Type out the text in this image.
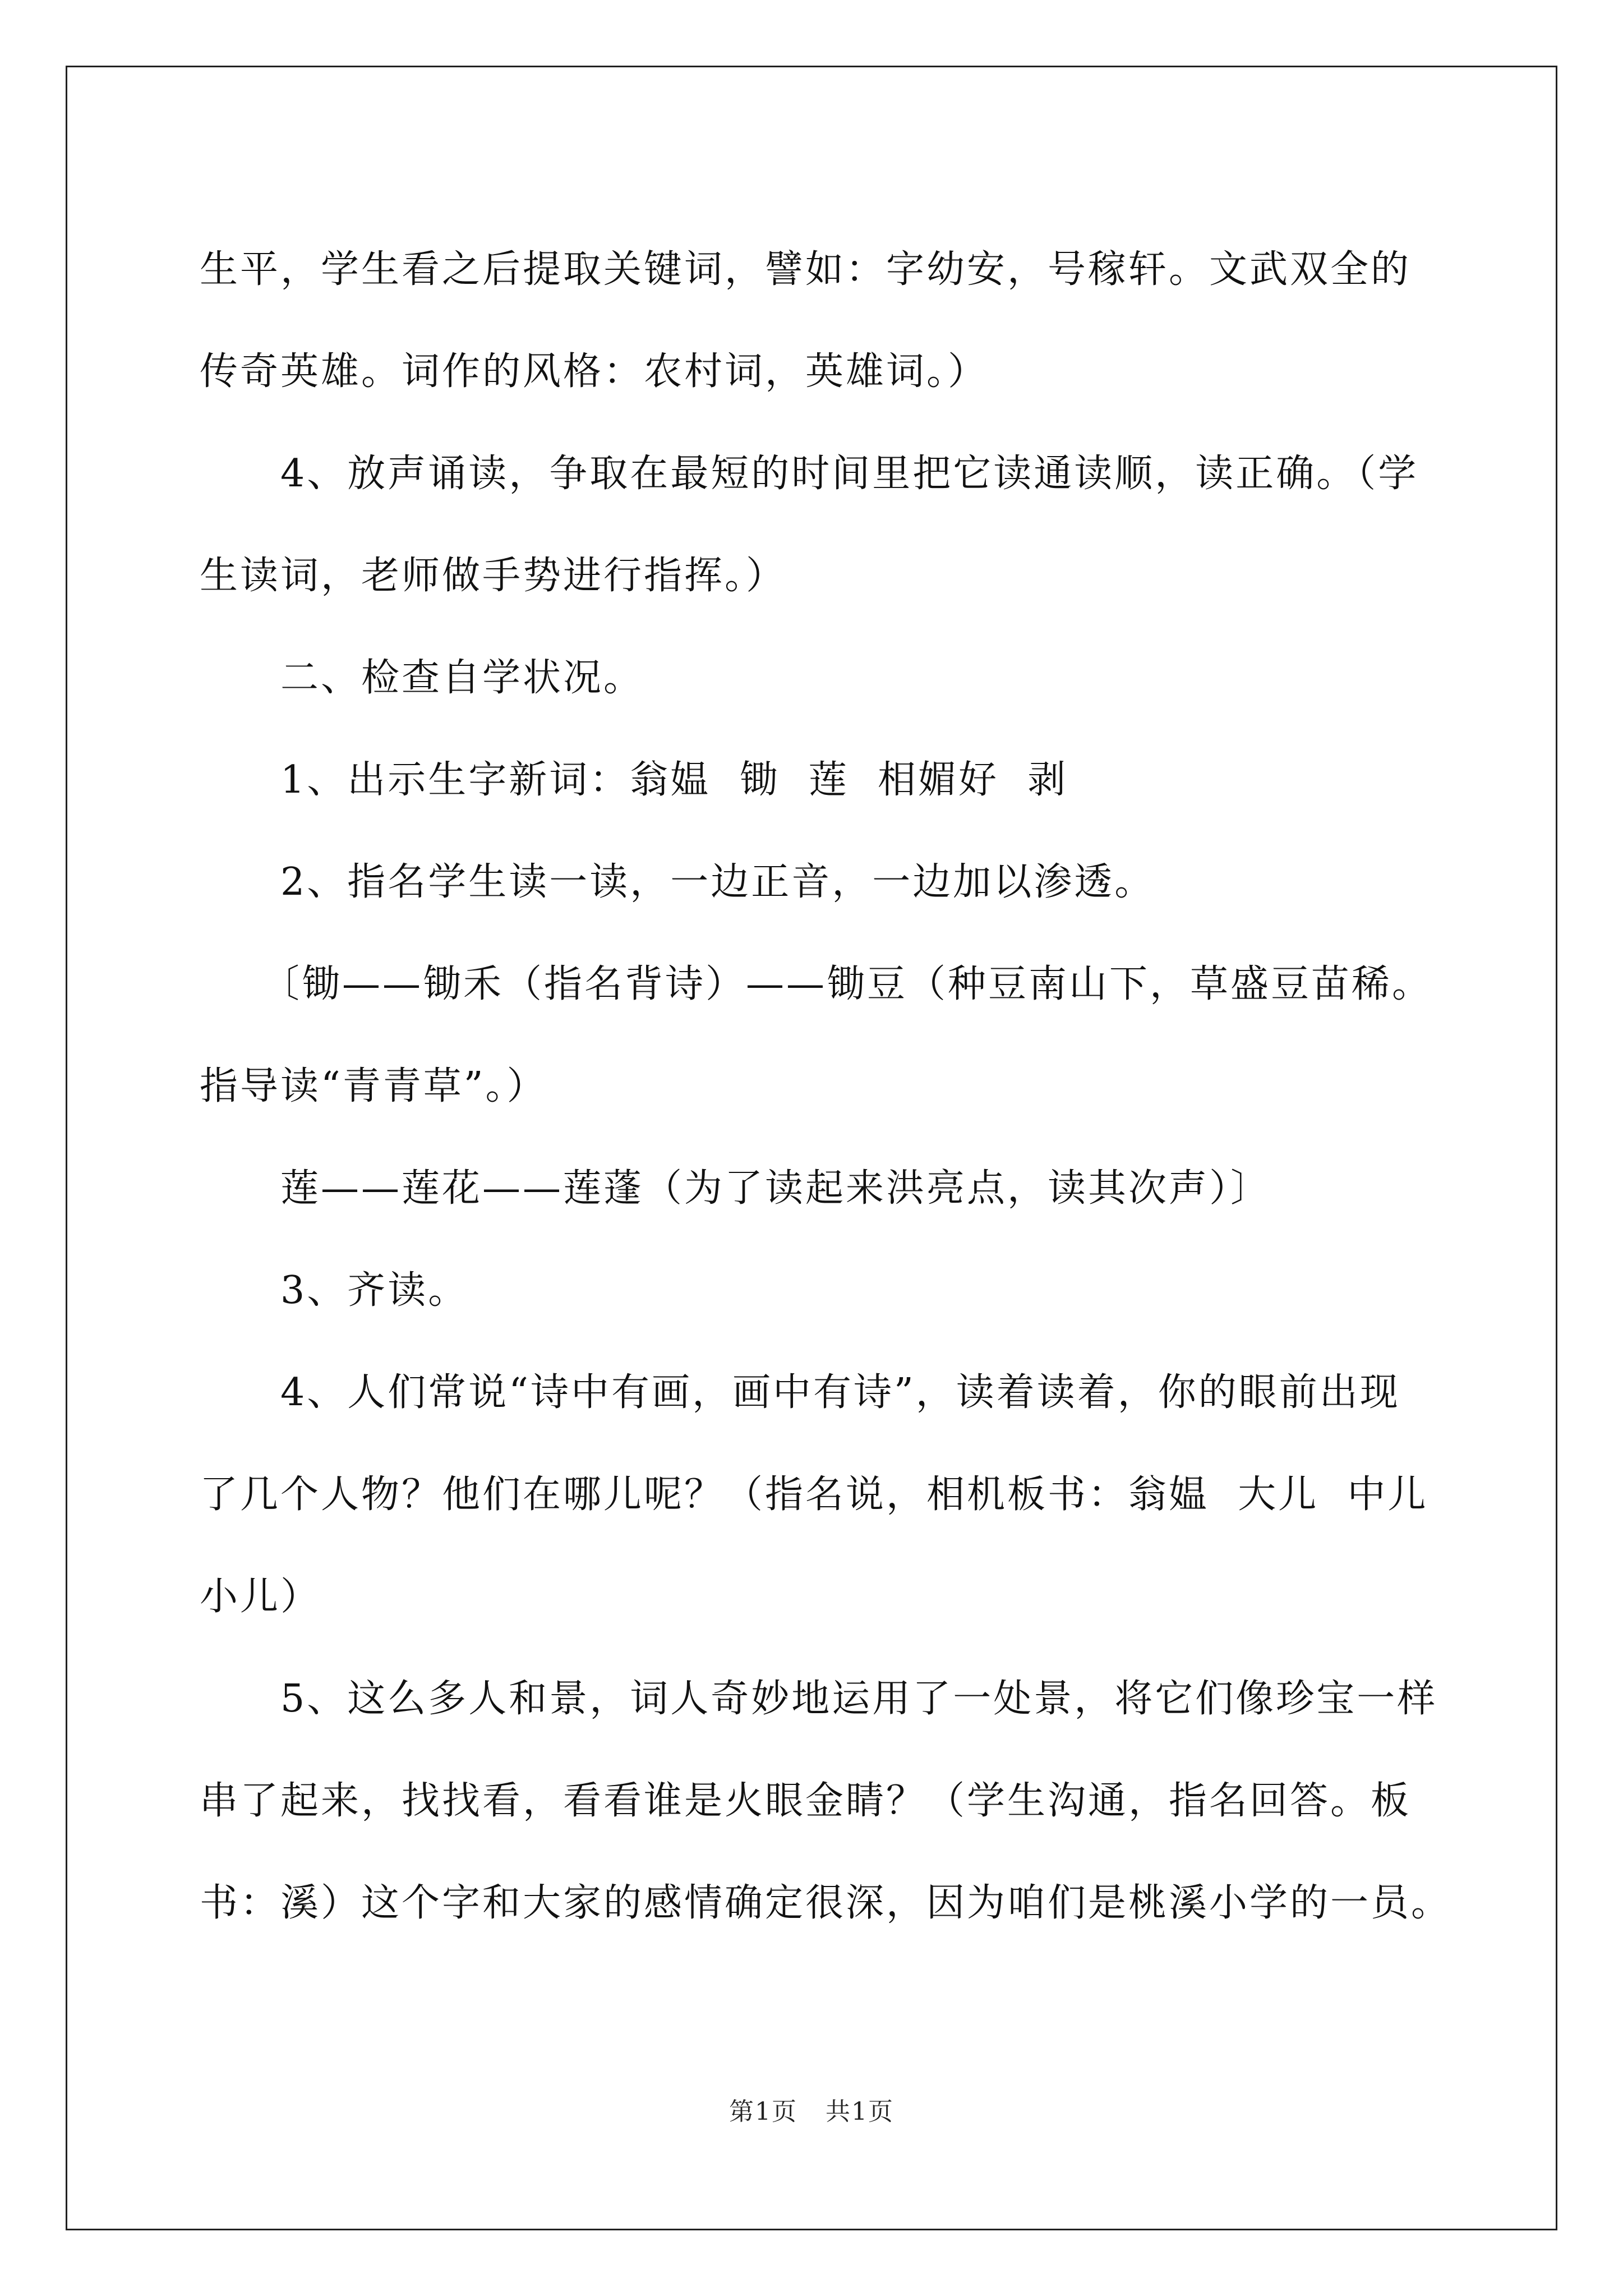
生平，学生看之后提取关键词，譬如：字幼安，号稼轩。文武双全的

传奇英雄。词作的风格：农村词，英雄词。）

4、放声诵读，争取在最短的时间里把它读通读顺，读正确。（学

生读词，老师做手势进行指挥。）

二、检查自学状况。

1、出示生字新词：翁媪  锄  莲  相媚好  剥

2、指名学生读一读，一边正音，一边加以渗透。

〔锄——锄禾（指名背诗）——锄豆（种豆南山下，草盛豆苗稀。

指导读“青青草”。）

莲——莲花——莲蓬（为了读起来洪亮点，读其次声）〕

3、齐读。

4、人们常说“诗中有画，画中有诗”，读着读着，你的眼前出现

了几个人物？他们在哪儿呢？（指名说，相机板书：翁媪  大儿  中儿

小儿）

5、这么多人和景，词人奇妙地运用了一处景，将它们像珍宝一样

串了起来，找找看，看看谁是火眼金睛？（学生沟通，指名回答。板

书：溪）这个字和大家的感情确定很深，因为咱们是桃溪小学的一员。

第1页 共1页
